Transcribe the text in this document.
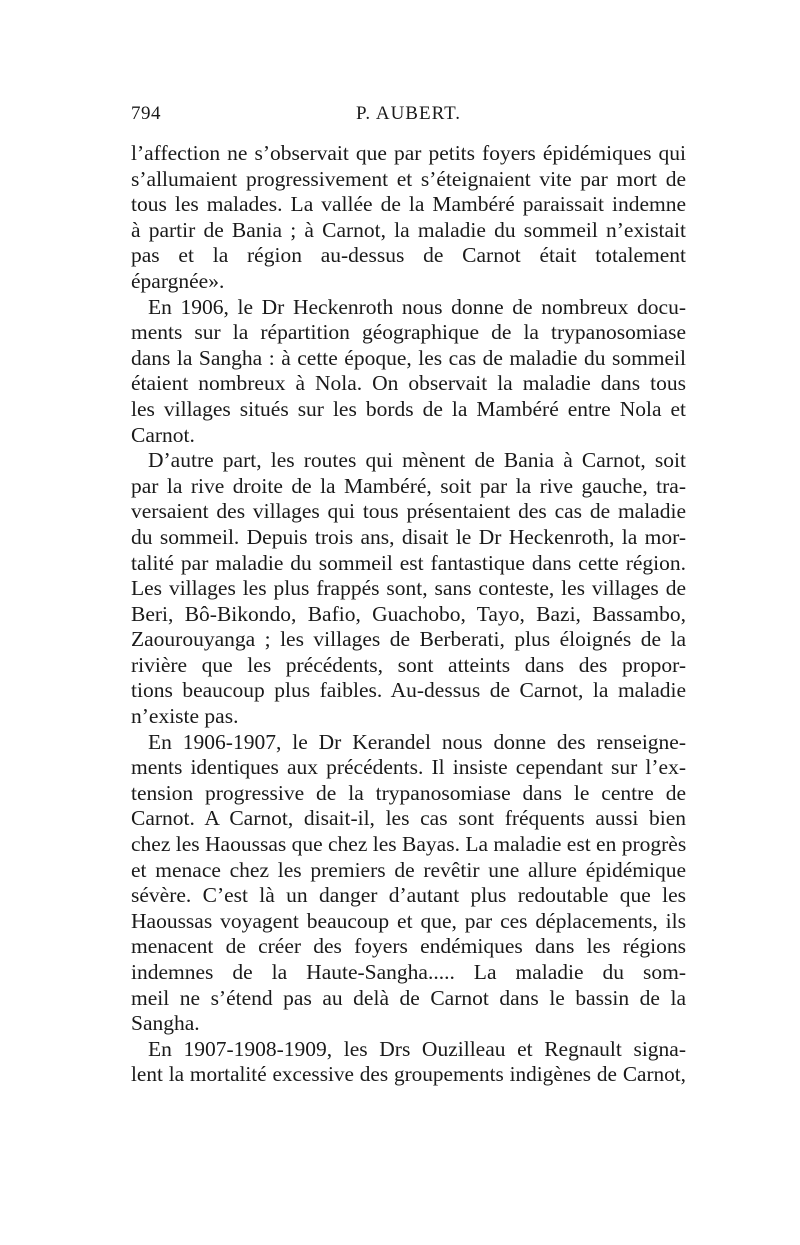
794	P. AUBERT.
l’affection ne s’observait que par petits foyers épidémiques qui
s’allumaient progressivement et s’éteignaient vite par mort de
tous les malades. La vallée de la Mambéré paraissait indemne
à partir de Bania ; à Carnot, la maladie du sommeil n’existait
pas et la région au-dessus de Carnot était totalement
épargnée».
En 1906, le Dr Heckenroth nous donne de nombreux docu-
ments sur la répartition géographique de la trypanosomiase
dans la Sangha : à cette époque, les cas de maladie du sommeil
étaient nombreux à Nola. On observait la maladie dans tous
les villages situés sur les bords de la Mambéré entre Nola et
Carnot.
D’autre part, les routes qui mènent de Bania à Carnot, soit
par la rive droite de la Mambéré, soit par la rive gauche, tra-
versaient des villages qui tous présentaient des cas de maladie
du sommeil. Depuis trois ans, disait le Dr Heckenroth, la mor-
talité par maladie du sommeil est fantastique dans cette région.
Les villages les plus frappés sont, sans conteste, les villages de
Beri, Bô-Bikondo, Bafio, Guachobo, Tayo, Bazi, Bassambo,
Zaourouyanga ; les villages de Berberati, plus éloignés de la
rivière que les précédents, sont atteints dans des propor-
tions beaucoup plus faibles. Au-dessus de Carnot, la maladie
n’existe pas.
En 1906-1907, le Dr Kerandel nous donne des renseigne-
ments identiques aux précédents. Il insiste cependant sur l’ex-
tension progressive de la trypanosomiase dans le centre de
Carnot. A Carnot, disait-il, les cas sont fréquents aussi bien
chez les Haoussas que chez les Bayas. La maladie est en progrès
et menace chez les premiers de revêtir une allure épidémique
sévère. C’est là un danger d’autant plus redoutable que les
Haoussas voyagent beaucoup et que, par ces déplacements, ils
menacent de créer des foyers endémiques dans les régions
indemnes de la Haute-Sangha..... La maladie du som-
meil ne s’étend pas au delà de Carnot dans le bassin de la
Sangha.
En 1907-1908-1909, les Drs Ouzilleau et Regnault signa-
lent la mortalité excessive des groupements indigènes de Carnot,
